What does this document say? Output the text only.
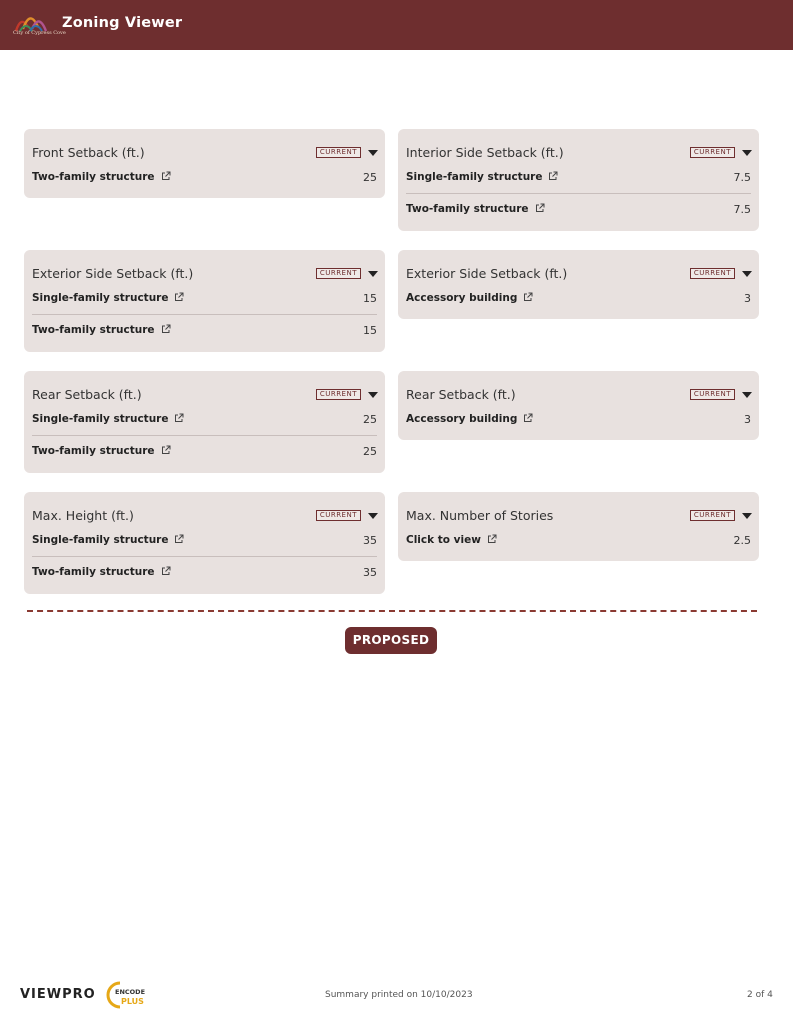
City of Cypress Cove
Zoning Viewer
Front Setback (ft.)	CURRENT
Two-family structure	25
Interior Side Setback (ft.)	CURRENT
Single-family structure	7.5
Two-family structure	7.5
Exterior Side Setback (ft.)	CURRENT
Single-family structure	15
Two-family structure	15
Exterior Side Setback (ft.)	CURRENT
Accessory building	3
Rear Setback (ft.)	CURRENT
Single-family structure	25
Two-family structure	25
Rear Setback (ft.)	CURRENT
Accessory building	3
Max. Height (ft.)	CURRENT
Single-family structure	35
Two-family structure	35
Max. Number of Stories	CURRENT
Click to view	2.5
PROPOSED
VIEWPRO	ENCODE
PLUS
Summary printed on 10/10/2023	2 of 4
